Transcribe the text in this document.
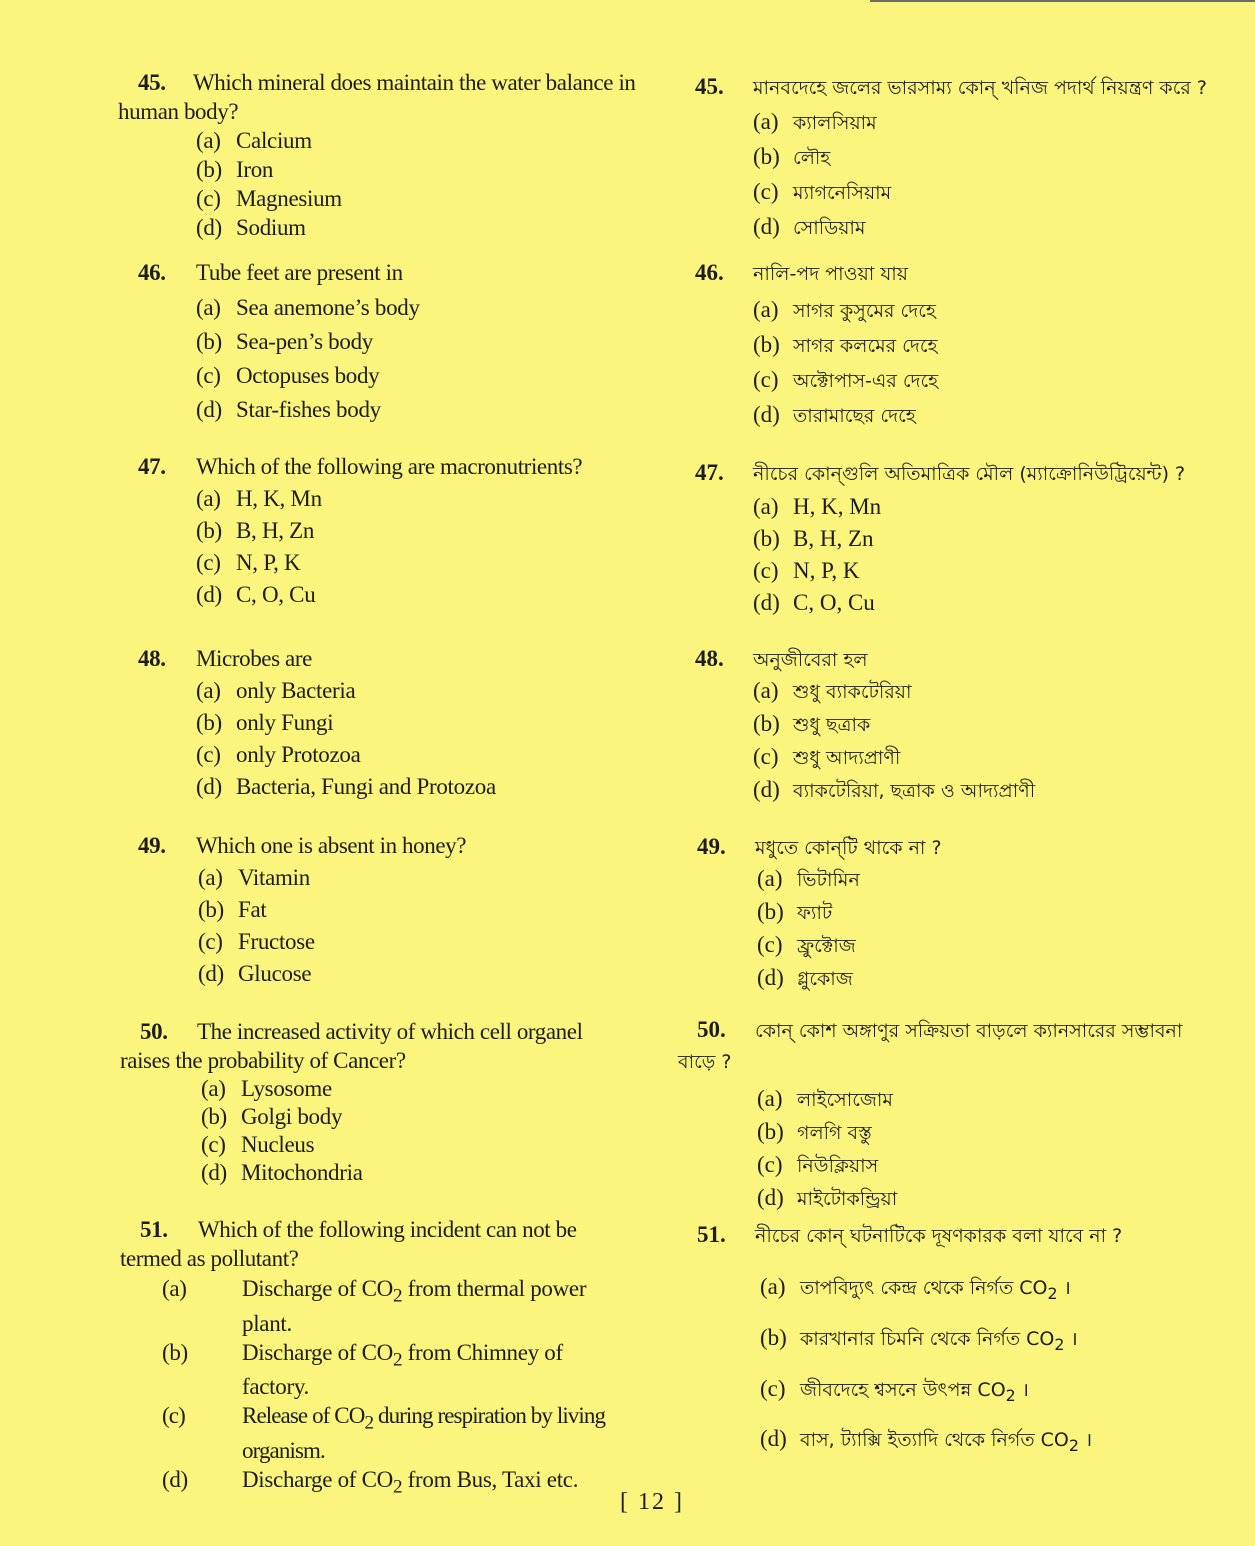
45. Which mineral does maintain the water balance in human body?
(a) Calcium
(b) Iron
(c) Magnesium
(d) Sodium
46. Tube feet are present in
(a) Sea anemone’s body
(b) Sea-pen’s body
(c) Octopuses body
(d) Star-fishes body
47. Which of the following are macronutrients?
(a) H, K, Mn
(b) B, H, Zn
(c) N, P, K
(d) C, O, Cu
48. Microbes are
(a) only Bacteria
(b) only Fungi
(c) only Protozoa
(d) Bacteria, Fungi and Protozoa
49. Which one is absent in honey?
(a) Vitamin
(b) Fat
(c) Fructose
(d) Glucose
50. The increased activity of which cell organel raises the probability of Cancer?
(a) Lysosome
(b) Golgi body
(c) Nucleus
(d) Mitochondria
51. Which of the following incident can not be termed as pollutant?
(a) Discharge of $CO_2$ from thermal power plant.
(b) Discharge of $CO_2$ from Chimney of factory.
(c) Release of $CO_2$ during respiration by living organism.
(d) Discharge of $CO_2$ from Bus, Taxi etc.
45. মানবদেহে জলের ভারসাম্য কোন্ খনিজ পদার্থ নিয়ন্ত্রণ করে ?
(a) ক্যালসিয়াম
(b) লৌহ
(c) ম্যাগনেসিয়াম
(d) সোডিয়াম
46. নালি-পদ পাওয়া যায়
(a) সাগর কুসুমের দেহে
(b) সাগর কলমের দেহে
(c) অক্টোপাস-এর দেহে
(d) তারামাছের দেহে
47. নীচের কোন্‌গুলি অতিমাত্রিক মৌল (ম্যাক্রোনিউট্রিয়েন্ট) ?
(a) H, K, Mn
(b) B, H, Zn
(c) N, P, K
(d) C, O, Cu
48. অনুজীবেরা হল
(a) শুধু ব্যাকটেরিয়া
(b) শুধু ছত্রাক
(c) শুধু আদ্যপ্রাণী
(d) ব্যাকটেরিয়া, ছত্রাক ও আদ্যপ্রাণী
49. মধুতে কোন্‌টি থাকে না ?
(a) ভিটামিন
(b) ফ্যাট
(c) ফ্রুক্টোজ
(d) গ্লুকোজ
50. কোন্ কোশ অঙ্গাণুর সক্রিয়তা বাড়লে ক্যানসারের সম্ভাবনা
বাড়ে ?
(a) লাইসোজোম
(b) গলগি বস্তু
(c) নিউক্লিয়াস
(d) মাইটোকন্ড্রিয়া
51. নীচের কোন্ ঘটনাটিকে দূষণকারক বলা যাবে না ?
(a) তাপবিদ্যুৎ কেন্দ্র থেকে নির্গত $CO_2$ ।
(b) কারখানার চিমনি থেকে নির্গত $CO_2$ ।
(c) জীবদেহে শ্বসনে উৎপন্ন $CO_2$ ।
(d) বাস, ট্যাক্সি ইত্যাদি থেকে নির্গত $CO_2$ ।
[ 12 ]
